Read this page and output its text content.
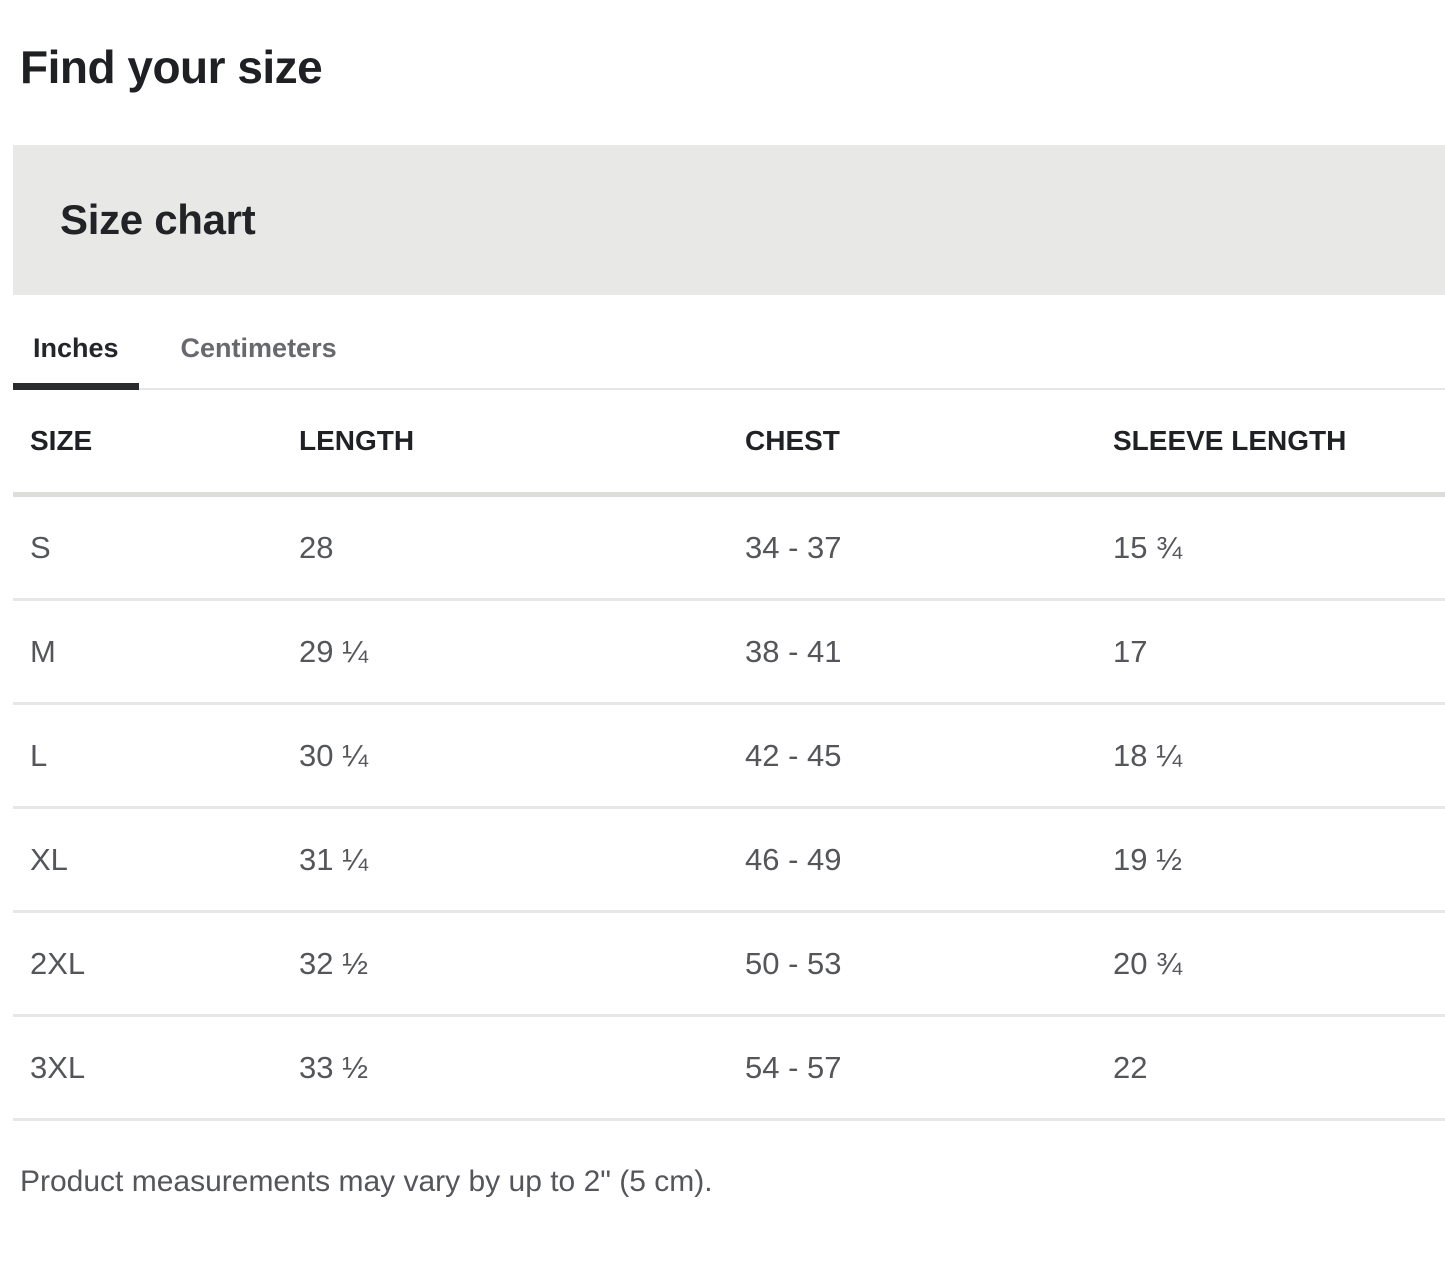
Find your size
Size chart
Inches	Centimeters
SIZE	LENGTH	CHEST	SLEEVE LENGTH
S	28	34 - 37	15 ¾
M	29 ¼	38 - 41	17
L	30 ¼	42 - 45	18 ¼
XL	31 ¼	46 - 49	19 ½
2XL	32 ½	50 - 53	20 ¾
3XL	33 ½	54 - 57	22

Product measurements may vary by up to 2" (5 cm).
